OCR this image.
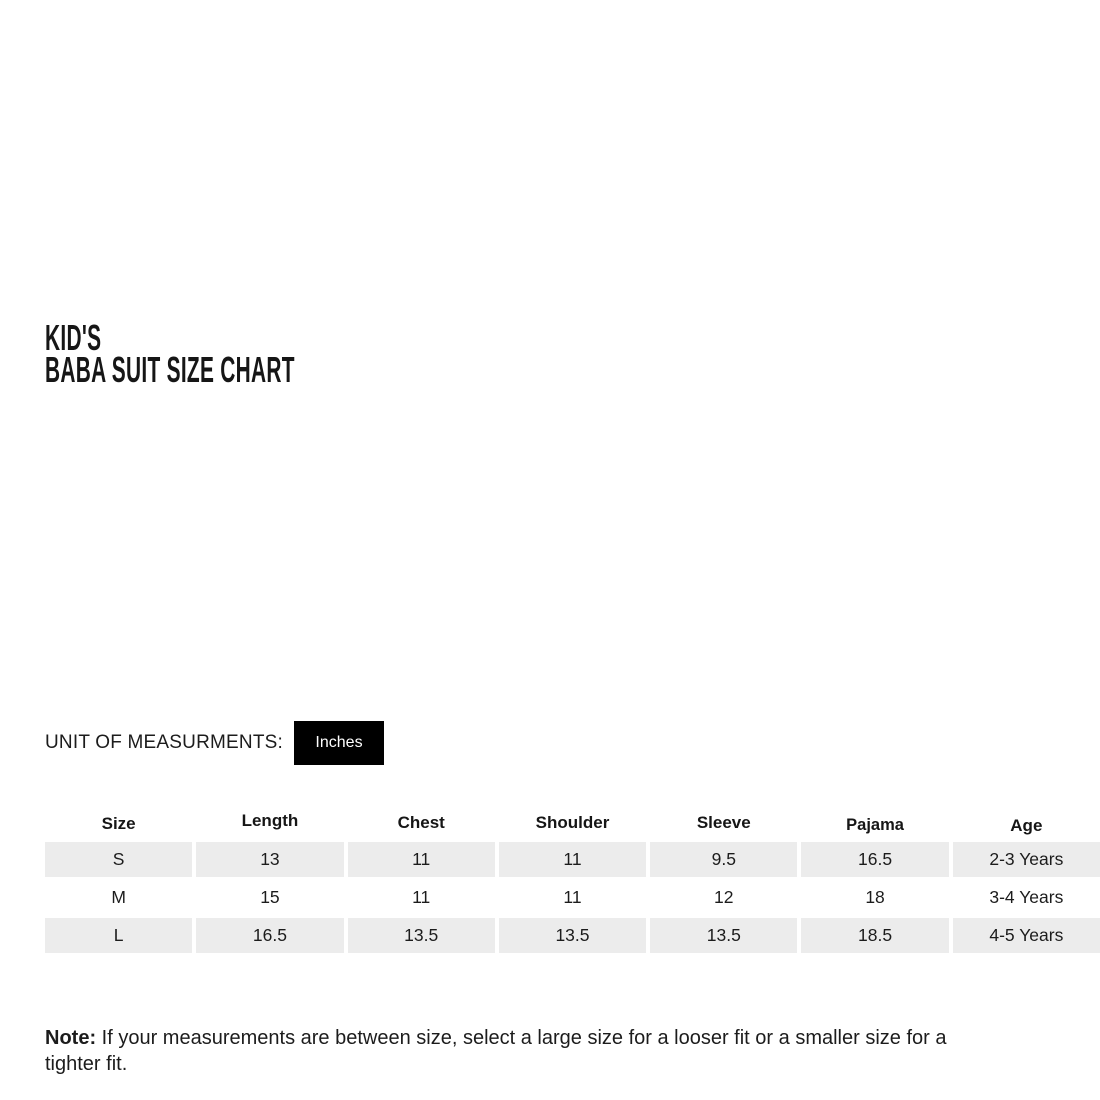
KID'S
BABA SUIT SIZE CHART
UNIT OF MEASURMENTS:	Inches
Size	Length	Chest	Shoulder	Sleeve	Pajama	Age
S	13	11	11	9.5	16.5	2-3 Years
M	15	11	11	12	18	3-4 Years
L	16.5	13.5	13.5	13.5	18.5	4-5 Years

Note: If your measurements are between size, select a large size for a looser fit or a smaller size for a tighter fit.
